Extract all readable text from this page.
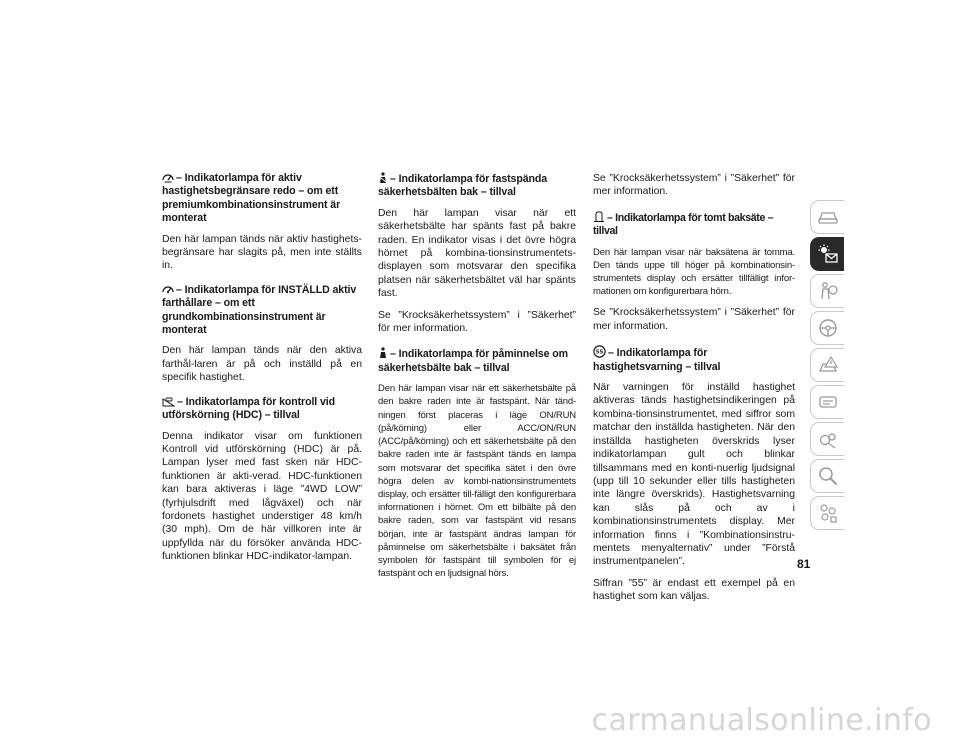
– Indikatorlampa för aktiv hastighetsbegränsare redo – om ett premiumkombinationsinstrument är monterat
Den här lampan tänds när aktiv hastighets-begränsare har slagits på, men inte ställts in.
– Indikatorlampa för INSTÄLLD aktiv farthållare – om ett grundkombinationsinstrument är monterat
Den här lampan tänds när den aktiva farthål-laren är på och inställd på en specifik hastighet.
– Indikatorlampa för kontroll vid utförskörning (HDC) – tillval
Denna indikator visar om funktionen Kontroll vid utförskörning (HDC) är på. Lampan lyser med fast sken när HDC-funktionen är akti-verad. HDC-funktionen kan bara aktiveras i läge ”4WD LOW” (fyrhjulsdrift med lågväxel) och när fordonets hastighet understiger 48 km/h (30 mph). Om de här villkoren inte är uppfyllda när du försöker använda HDC-funktionen blinkar HDC-indikator-lampan.
– Indikatorlampa för fastspända säkerhetsbälten bak – tillval
Den här lampan visar när ett säkerhetsbälte har spänts fast på bakre raden. En indikator visas i det övre högra hörnet på kombina-tionsinstrumentetsdisplayen som motsvarar den specifika platsen när säkerhetsbältet väl har spänts fast.
Se ”Krocksäkerhetssystem” i ”Säkerhet” för mer information.
– Indikatorlampa för påminnelse om säkerhetsbälte bak – tillval
Den här lampan visar när ett säkerhetsbälte på den bakre raden inte är fastspänt. När tänd-ningen först placeras i läge ON/RUN (på/körning) eller ACC/ON/RUN (ACC/på/körning) och ett säkerhetsbälte på den bakre raden inte är fastspänt tänds en lampa som motsvarar det specifika sätet i den övre högra delen av kombi-nationsinstrumentets display, och ersätter till-fälligt den konfigurerbara informationen i hörnet. Om ett bilbälte på den bakre raden, som var fastspänt vid resans början, inte är fastspänt ändras lampan för påminnelse om säkerhetsbälte i baksätet från symbolen för fastspänt till symbolen för ej fastspänt och en ljudsignal hörs.
Se ”Krocksäkerhetssystem” i ”Säkerhet” för mer information.
– Indikatorlampa för tomt baksäte – tillval
Den här lampan visar när baksätena är tomma. Den tänds uppe till höger på kombinationsin-strumentets display och ersätter tillfälligt infor-mationen om konfigurerbara hörn.
Se ”Krocksäkerhetssystem” i ”Säkerhet” för mer information.
55 – Indikatorlampa för hastighetsvarning – tillval
När varningen för inställd hastighet aktiveras tänds hastighetsindikeringen på kombina-tionsinstrumentet, med siffror som matchar den inställda hastigheten. När den inställda hastigheten överskrids lyser indikatorlampan gult och blinkar tillsammans med en konti-nuerlig ljudsignal (upp till 10 sekunder eller tills hastigheten inte längre överskrids). Hastighetsvarning kan slås på och av i kombinationsinstrumentets display. Mer information finns i ”Kombinationsinstru-mentets menyalternativ” under ”Förstå instrumentpanelen”.
Siffran ”55” är endast ett exempel på en hastighet som kan väljas.
81
carmanualsonline.info
